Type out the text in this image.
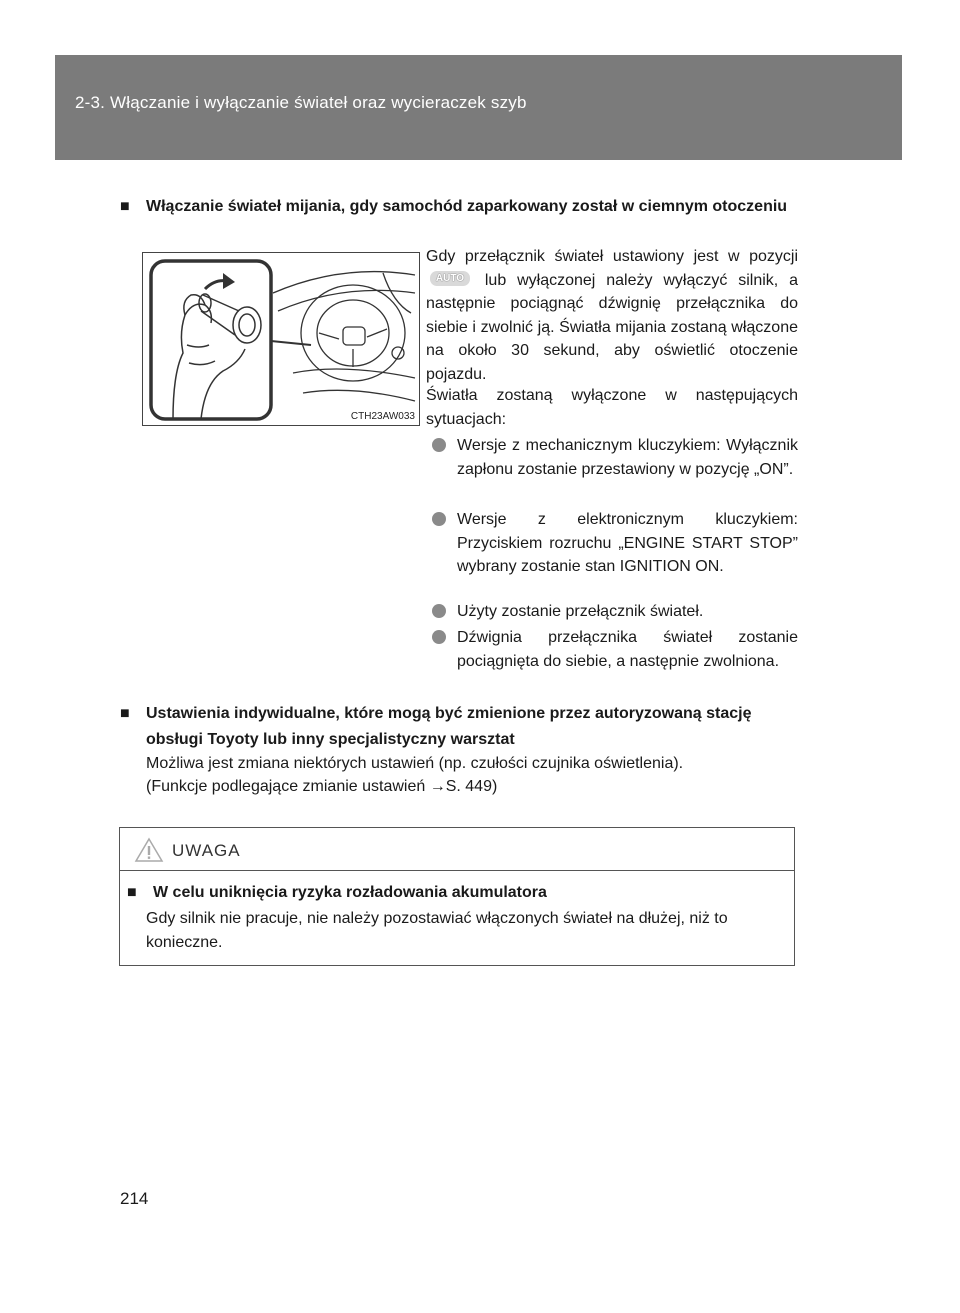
2-3. Włączanie i wyłączanie świateł oraz wycieraczek szyb
■	Włączanie świateł mijania, gdy samochód zaparkowany został w ciemnym otoczeniu
CTH23AW033
Gdy przełącznik świateł ustawiony jest w pozycji
AUTO	lub wyłączonej należy wyłączyć silnik, a następnie pociągnąć dźwignię przełącznika do siebie i zwolnić ją. Światła mijania zostaną włączone na około 30 sekund, aby oświetlić otoczenie pojazdu.
Światła zostaną wyłączone w następujących sytuacjach:
Wersje z mechanicznym kluczykiem: Wyłącznik zapłonu zostanie przestawiony w pozycję „ON”.
Wersje z elektronicznym kluczykiem: Przyciskiem rozruchu „ENGINE START STOP” wybrany zostanie stan IGNITION ON.
Użyty zostanie przełącznik świateł.
Dźwignia przełącznika świateł zostanie pociągnięta do siebie, a następnie zwolniona.
■	Ustawienia indywidualne, które mogą być zmienione przez autoryzowaną stację obsługi Toyoty lub inny specjalistyczny warsztat
Możliwa jest zmiana niektórych ustawień (np. czułości czujnika oświetlenia).
(Funkcje podlegające zmianie ustawień →S. 449)
UWAGA
■	W celu uniknięcia ryzyka rozładowania akumulatora
Gdy silnik nie pracuje, nie należy pozostawiać włączonych świateł na dłużej, niż to konieczne.
214
